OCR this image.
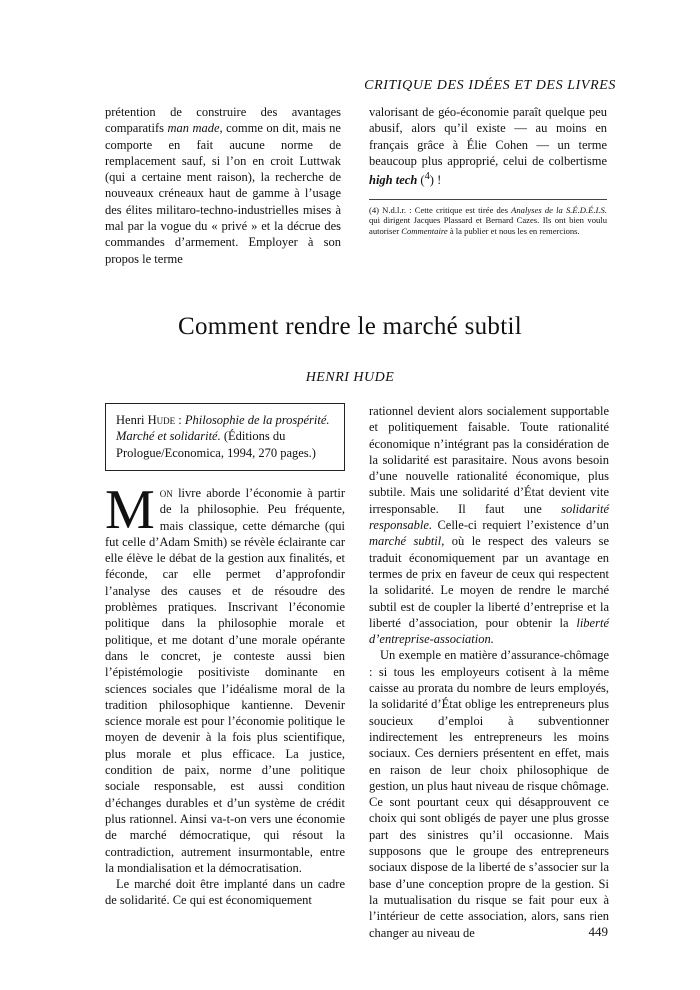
CRITIQUE DES IDÉES ET DES LIVRES

prétention de construire des avantages comparatifs man made, comme on dit, mais ne comporte en fait aucune norme de remplacement sauf, si l’on en croit Luttwak (qui a certaine ment raison), la recherche de nouveaux créneaux haut de gamme à l’usage des élites militaro-techno-industrielles mises à mal par la vogue du « privé » et la décrue des commandes d’armement. Employer à son propos le terme

valorisant de géo-économie paraît quelque peu abusif, alors qu’il existe — au moins en français grâce à Élie Cohen — un terme beaucoup plus approprié, celui de colbertisme high tech ($^4$) !

(4) N.d.l.r. : Cette critique est tirée des Analyses de la S.É.D.É.I.S. qui dirigent Jacques Plassard et Bernard Cazes. Ils ont bien voulu autoriser Commentaire à la publier et nous les en remercions.
Comment rendre le marché subtil
HENRI HUDE
Henri Hude : Philosophie de la prospérité. Marché et solidarité. (Éditions du Prologue/Economica, 1994, 270 pages.)

Mon livre aborde l’économie à partir de la philosophie. Peu fréquente, mais classique, cette démarche (qui fut celle d’Adam Smith) se révèle éclairante car elle élève le débat de la gestion aux finalités, et féconde, car elle permet d’approfondir l’analyse des causes et de résoudre des problèmes pratiques. Inscrivant l’économie politique dans la philosophie morale et politique, et me dotant d’une morale opérante dans le concret, je conteste aussi bien l’épistémologie positiviste dominante en sciences sociales que l’idéalisme moral de la tradition philosophique kantienne. Devenir science morale est pour l’économie politique le moyen de devenir à la fois plus scientifique, plus morale et plus efficace. La justice, condition de paix, norme d’une politique sociale responsable, est aussi condition d’échanges durables et d’un système de crédit plus rationnel. Ainsi va-t-on vers une économie de marché démocratique, qui résout la contradiction, autrement insurmontable, entre la mondialisation et la démocratisation.

Le marché doit être implanté dans un cadre de solidarité. Ce qui est économiquement

rationnel devient alors socialement supportable et politiquement faisable. Toute rationalité économique n’intégrant pas la considération de la solidarité est parasitaire. Nous avons besoin d’une nouvelle rationalité économique, plus subtile. Mais une solidarité d’État devient vite irresponsable. Il faut une solidarité responsable. Celle-ci requiert l’existence d’un marché subtil, où le respect des valeurs se traduit économiquement par un avantage en termes de prix en faveur de ceux qui respectent la solidarité. Le moyen de rendre le marché subtil est de coupler la liberté d’entreprise et la liberté d’association, pour obtenir la liberté d’entreprise-association.

Un exemple en matière d’assurance-chômage : si tous les employeurs cotisent à la même caisse au prorata du nombre de leurs employés, la solidarité d’État oblige les entrepreneurs plus soucieux d’emploi à subventionner indirectement les entrepreneurs les moins sociaux. Ces derniers présentent en effet, mais en raison de leur choix philosophique de gestion, un plus haut niveau de risque chômage. Ce sont pourtant ceux qui désapprouvent ce choix qui sont obligés de payer une plus grosse part des sinistres qu’il occasionne. Mais supposons que le groupe des entrepreneurs sociaux dispose de la liberté de s’associer sur la base d’une conception propre de la gestion. Si la mutualisation du risque se fait pour eux à l’intérieur de cette association, alors, sans rien changer au niveau de	449
